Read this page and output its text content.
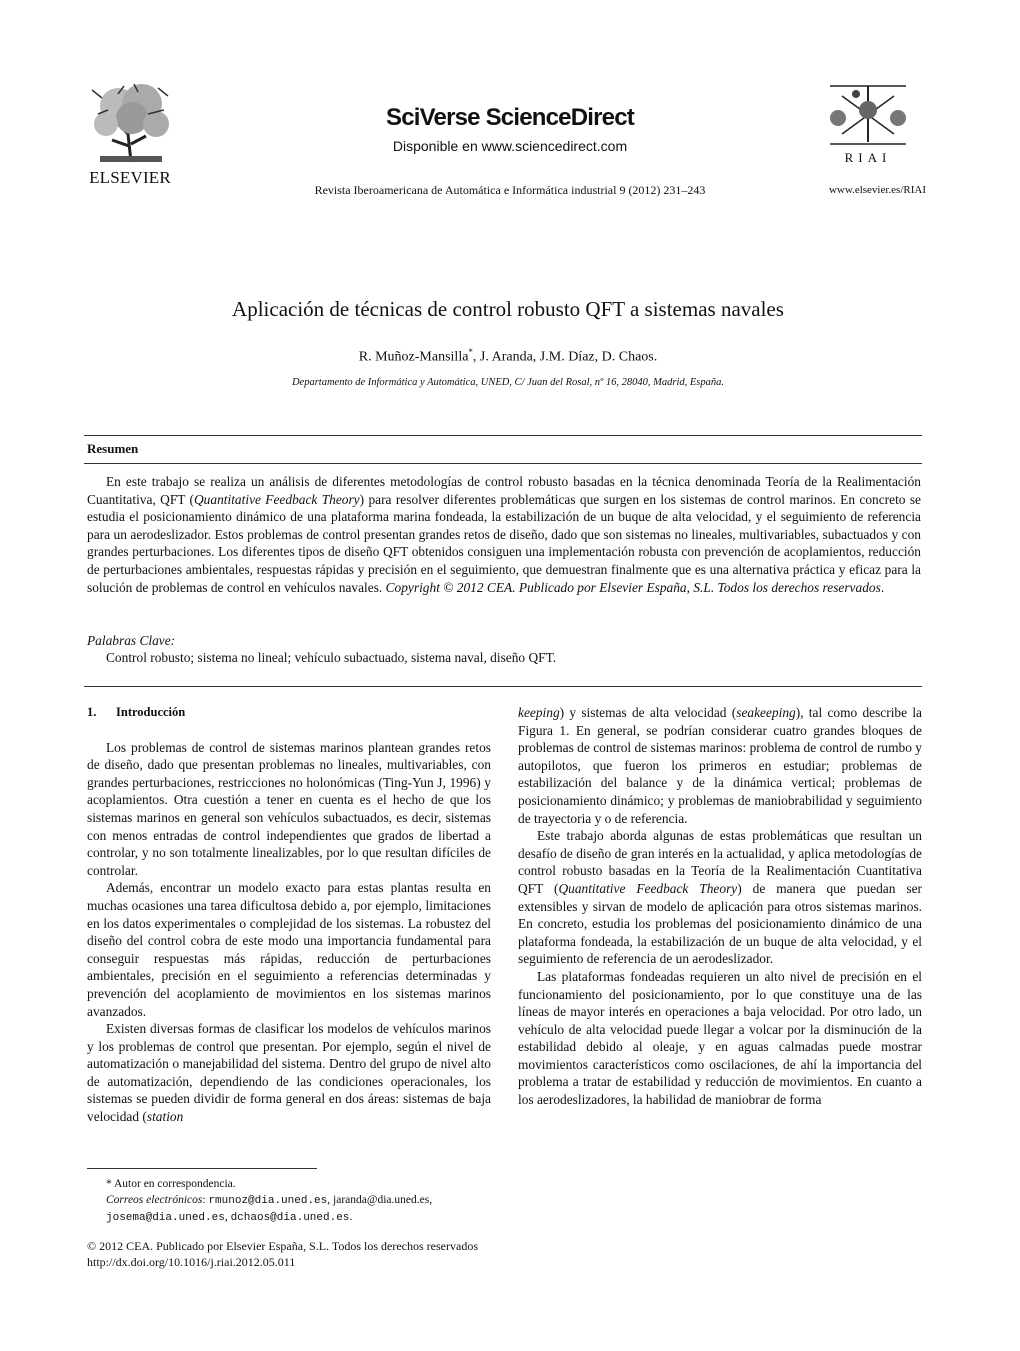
ELSEVIER
SciVerse ScienceDirect
Disponible en www.sciencedirect.com
Revista Iberoamericana de Automática e Informática industrial 9 (2012) 231–243
RIAI
www.elsevier.es/RIAI
Aplicación de técnicas de control robusto QFT a sistemas navales
R. Muñoz-Mansilla*, J. Aranda, J.M. Díaz, D. Chaos.
Departamento de Informática y Automática, UNED, C/ Juan del Rosal, nº 16, 28040, Madrid, España.
Resumen

En este trabajo se realiza un análisis de diferentes metodologías de control robusto basadas en la técnica denominada Teoría de la Realimentación Cuantitativa, QFT (Quantitative Feedback Theory) para resolver diferentes problemáticas que surgen en los sistemas de control marinos. En concreto se estudia el posicionamiento dinámico de una plataforma marina fondeada, la estabilización de un buque de alta velocidad, y el seguimiento de referencia para un aerodeslizador. Estos problemas de control presentan grandes retos de diseño, dado que son sistemas no lineales, multivariables, subactuados y con grandes perturbaciones. Los diferentes tipos de diseño QFT obtenidos consiguen una implementación robusta con prevención de acoplamientos, reducción de perturbaciones ambientales, respuestas rápidas y precisión en el seguimiento, que demuestran finalmente que es una alternativa práctica y eficaz para la solución de problemas de control en vehículos navales. Copyright © 2012 CEA. Publicado por Elsevier España, S.L. Todos los derechos reservados.

Palabras Clave:
Control robusto; sistema no lineal; vehículo subactuado, sistema naval, diseño QFT.
1. Introducción

Los problemas de control de sistemas marinos plantean grandes retos de diseño, dado que presentan problemas no lineales, multivariables, con grandes perturbaciones, restricciones no holonómicas (Ting-Yun J, 1996) y acoplamientos. Otra cuestión a tener en cuenta es el hecho de que los sistemas marinos en general son vehículos subactuados, es decir, sistemas con menos entradas de control independientes que grados de libertad a controlar, y no son totalmente linealizables, por lo que resultan difíciles de controlar.

Además, encontrar un modelo exacto para estas plantas resulta en muchas ocasiones una tarea dificultosa debido a, por ejemplo, limitaciones en los datos experimentales o complejidad de los sistemas. La robustez del diseño del control cobra de este modo una importancia fundamental para conseguir respuestas más rápidas, reducción de perturbaciones ambientales, precisión en el seguimiento a referencias determinadas y prevención del acoplamiento de movimientos en los sistemas marinos avanzados.

Existen diversas formas de clasificar los modelos de vehículos marinos y los problemas de control que presentan. Por ejemplo, según el nivel de automatización o manejabilidad del sistema. Dentro del grupo de nivel alto de automatización, dependiendo de las condiciones operacionales, los sistemas se pueden dividir de forma general en dos áreas: sistemas de baja velocidad (station

keeping) y sistemas de alta velocidad (seakeeping), tal como describe la Figura 1. En general, se podrían considerar cuatro grandes bloques de problemas de control de sistemas marinos: problema de control de rumbo y autopilotos, que fueron los primeros en estudiar; problemas de estabilización del balance y de la dinámica vertical; problemas de posicionamiento dinámico; y problemas de maniobrabilidad y seguimiento de trayectoria y o de referencia.

Este trabajo aborda algunas de estas problemáticas que resultan un desafío de diseño de gran interés en la actualidad, y aplica metodologías de control robusto basadas en la Teoría de la Realimentación Cuantitativa QFT (Quantitative Feedback Theory) de manera que puedan ser extensibles y sirvan de modelo de aplicación para otros sistemas marinos. En concreto, estudia los problemas del posicionamiento dinámico de una plataforma fondeada, la estabilización de un buque de alta velocidad, y el seguimiento de referencia de un aerodeslizador.

Las plataformas fondeadas requieren un alto nivel de precisión en el funcionamiento del posicionamiento, por lo que constituye una de las líneas de mayor interés en operaciones a baja velocidad. Por otro lado, un vehículo de alta velocidad puede llegar a volcar por la disminución de la estabilidad debido al oleaje, y en aguas calmadas puede mostrar movimientos característicos como oscilaciones, de ahí la importancia del problema a tratar de estabilidad y reducción de movimientos. En cuanto a los aerodeslizadores, la habilidad de maniobrar de forma

* Autor en correspondencia.
Correos electrónicos: rmunoz@dia.uned.es, jaranda@dia.uned.es,
josema@dia.uned.es, dchaos@dia.uned.es.
© 2012 CEA. Publicado por Elsevier España, S.L. Todos los derechos reservados
http://dx.doi.org/10.1016/j.riai.2012.05.011
